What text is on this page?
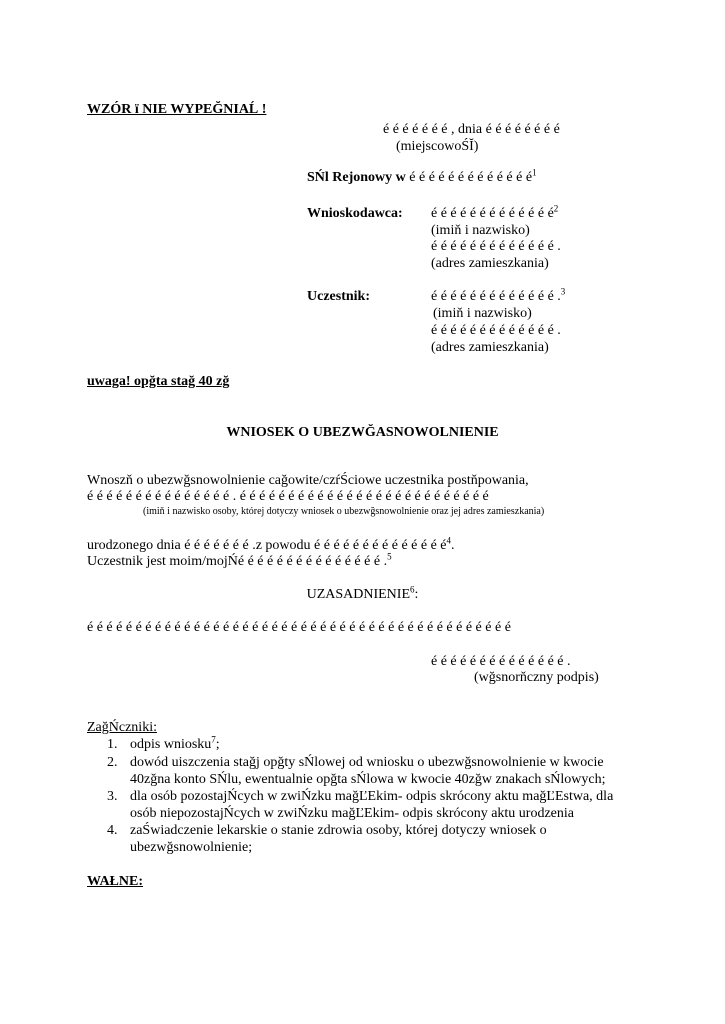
WZÓR ï NIE WYPEĞNIAĹ !
é é é é é é é , dnia é é é é é é é é
(miejscowoŚĬ)
SŃl Rejonowy w é é é é é é é é é é é é $é^1$
Wnioskodawca: é é é é é é é é é é é é $é^2$
(imiň i nazwisko)
é é é é é é é é é é é é é .
(adres zamieszkania)
Uczestnik:	é é é é é é é é é é é é é .$^3$
(imiň i nazwisko)
é é é é é é é é é é é é é .
(adres zamieszkania)
uwaga! opğta stağ 40 zğ
WNIOSEK O UBEZWĞASNOWOLNIENIE
Wnoszň o ubezwğsnowolnienie cağowite/czŕŚciowe uczestnika postňpowania,
é é é é é é é é é é é é é é é . é é é é é é é é é é é é é é é é é é é é é é é é é é
(imiň i nazwisko osoby, której dotyczy wniosek o ubezwğsnowolnienie oraz jej adres zamieszkania)
urodzonego dnia é é é é é é é .z powodu é é é é é é é é é é é é é $é^4$.
Uczestnik jest moim/mojŃé é é é é é é é é é é é é é é .$^5$
UZASADNIENIE$^6$:
é é é é é é é é é é é é é é é é é é é é é é é é é é é é é é é é é é é é é é é é é é é é
é é é é é é é é é é é é é é .
(wğsnorňczny podpis)
ZağŃczniki:
1. odpis wniosku$^7$;
2. dowód uiszczenia stağj opğty sŃlowej od wniosku o ubezwğsnowolnienie w kwocie
40zğna konto SŃlu, ewentualnie opğta sŃlowa w kwocie 40zğw znakach sŃlowych;
3. dla osób pozostajŃcych w zwiŃzku mağĽEkim- odpis skrócony aktu mağĽEstwa, dla
osób niepozostajŃcych w zwiŃzku mağĽEkim- odpis skrócony aktu urodzenia
4. zaŚwiadczenie lekarskie o stanie zdrowia osoby, której dotyczy wniosek o
ubezwğsnowolnienie;
WAŁNE:
